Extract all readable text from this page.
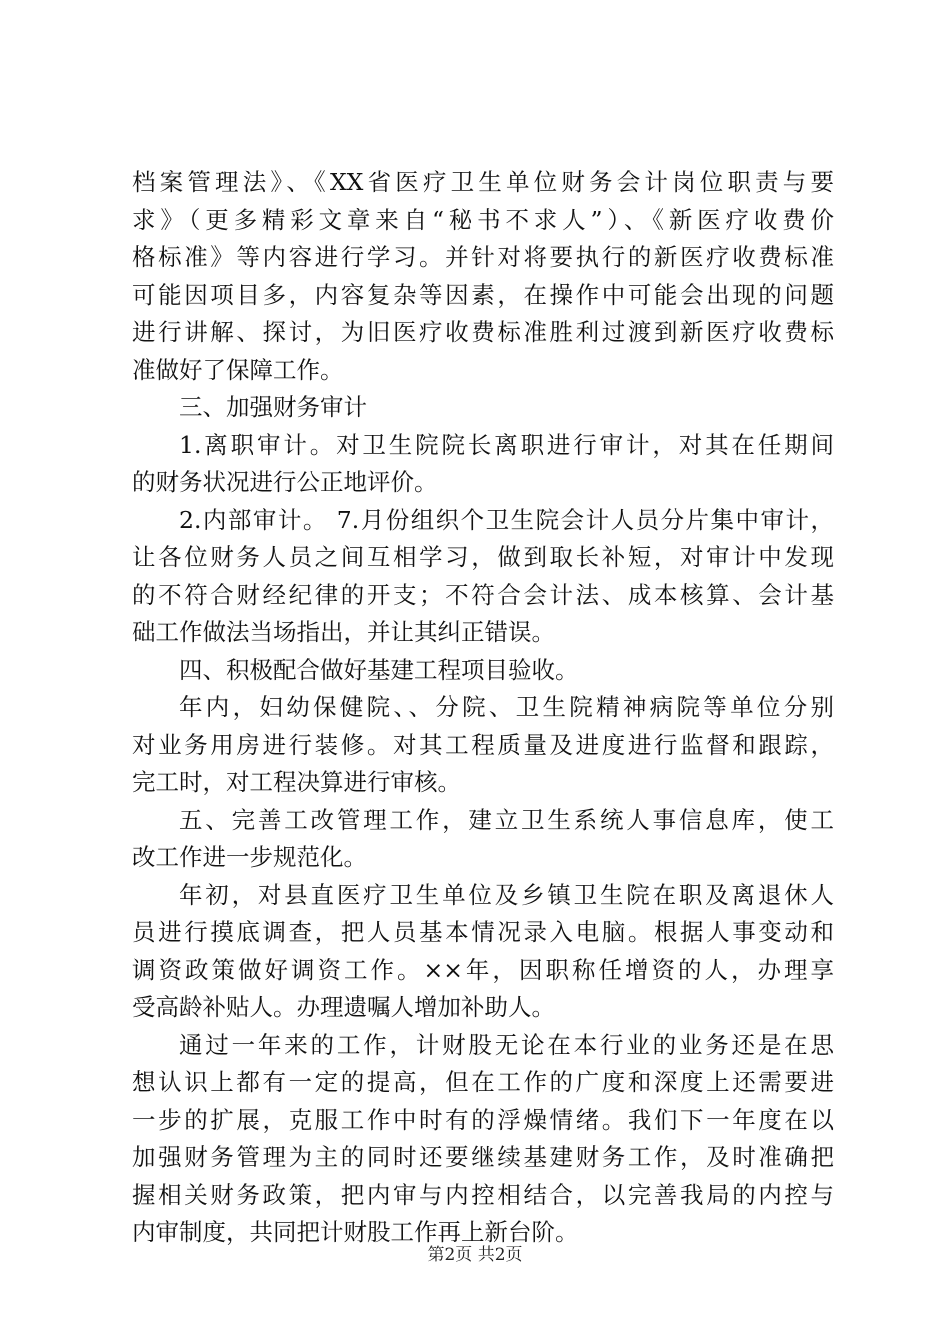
档案管理法》、《XX省医疗卫生单位财务会计岗位职责与要
求》（更多精彩文章来自“秘书不求人”）、《新医疗收费价
格标准》等内容进行学习。并针对将要执行的新医疗收费标准
可能因项目多，内容复杂等因素，在操作中可能会出现的问题
进行讲解、探讨，为旧医疗收费标准胜利过渡到新医疗收费标
准做好了保障工作。
三、加强财务审计
1.离职审计。对卫生院院长离职进行审计，对其在任期间
的财务状况进行公正地评价。
2.内部审计。 7.月份组织个卫生院会计人员分片集中审计，
让各位财务人员之间互相学习，做到取长补短，对审计中发现
的不符合财经纪律的开支；不符合会计法、成本核算、会计基
础工作做法当场指出，并让其纠正错误。
四、积极配合做好基建工程项目验收。
年内，妇幼保健院、、分院、卫生院精神病院等单位分别
对业务用房进行装修。对其工程质量及进度进行监督和跟踪，
完工时，对工程决算进行审核。
五、完善工改管理工作，建立卫生系统人事信息库，使工
改工作进一步规范化。
年初，对县直医疗卫生单位及乡镇卫生院在职及离退休人
员进行摸底调查，把人员基本情况录入电脑。根据人事变动和
调资政策做好调资工作。××年，因职称任增资的人，办理享
受高龄补贴人。办理遗嘱人增加补助人。
通过一年来的工作，计财股无论在本行业的业务还是在思
想认识上都有一定的提高，但在工作的广度和深度上还需要进
一步的扩展，克服工作中时有的浮燥情绪。我们下一年度在以
加强财务管理为主的同时还要继续基建财务工作，及时准确把
握相关财务政策，把内审与内控相结合，以完善我局的内控与
内审制度，共同把计财股工作再上新台阶。
第2页 共2页
